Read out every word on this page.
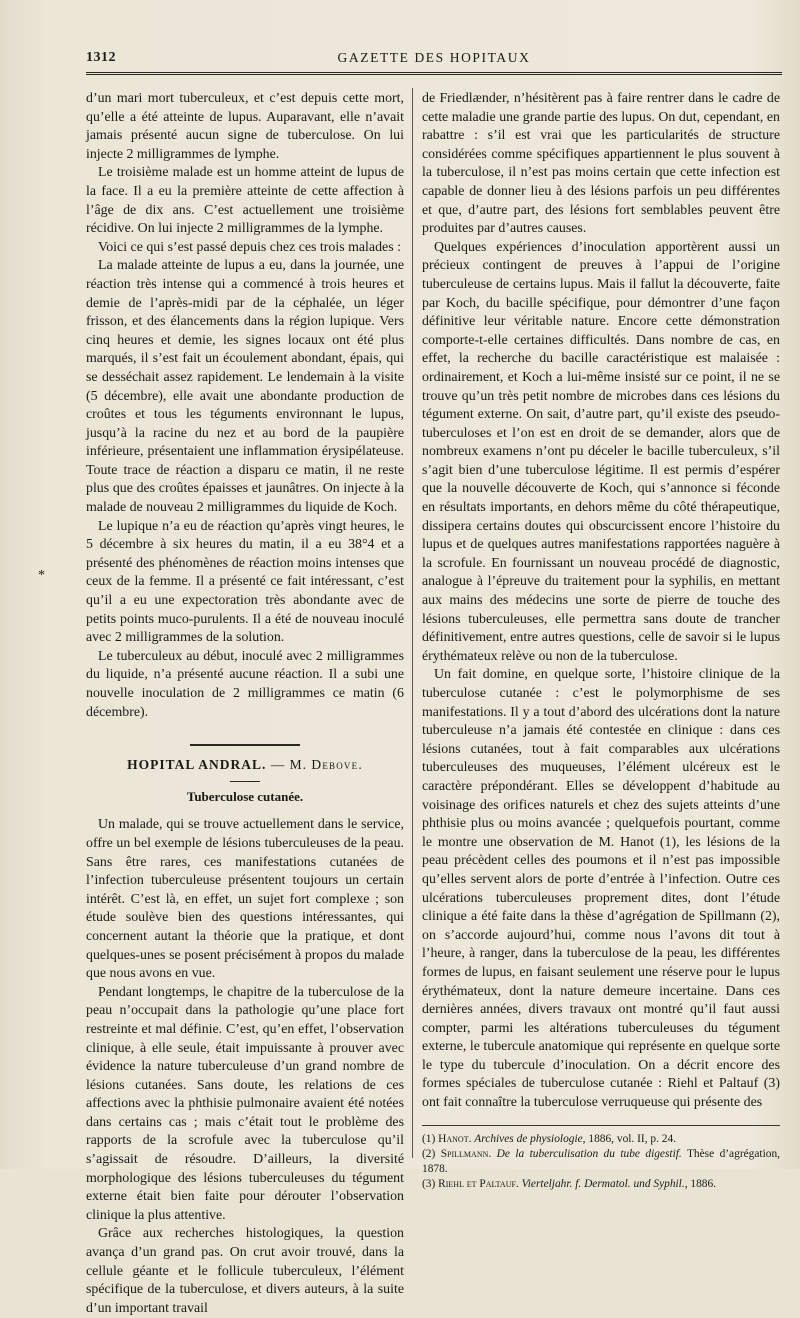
1312	GAZETTE DES HOPITAUX
*

d’un mari mort tuberculeux, et c’est depuis cette mort, qu’elle a été atteinte de lupus. Auparavant, elle n’avait jamais présenté aucun signe de tuberculose. On lui injecte 2 milligrammes de lymphe.

Le troisième malade est un homme atteint de lupus de la face. Il a eu la première atteinte de cette affection à l’âge de dix ans. C’est actuellement une troisième récidive. On lui injecte 2 milligrammes de la lymphe.

Voici ce qui s’est passé depuis chez ces trois malades :

La malade atteinte de lupus a eu, dans la journée, une réaction très intense qui a commencé à trois heures et demie de l’après-midi par de la céphalée, un léger frisson, et des élancements dans la région lupique. Vers cinq heures et demie, les signes locaux ont été plus marqués, il s’est fait un écoulement abondant, épais, qui se desséchait assez rapidement. Le lendemain à la visite (5 décembre), elle avait une abondante production de croûtes et tous les téguments environnant le lupus, jusqu’à la racine du nez et au bord de la paupière inférieure, présentaient une inflammation érysipélateuse. Toute trace de réaction a disparu ce matin, il ne reste plus que des croûtes épaisses et jaunâtres. On injecte à la malade de nouveau 2 milligrammes du liquide de Koch.

Le lupique n’a eu de réaction qu’après vingt heures, le 5 décembre à six heures du matin, il a eu 38°4 et a présenté des phénomènes de réaction moins intenses que ceux de la femme. Il a présenté ce fait intéressant, c’est qu’il a eu une expectoration très abondante avec de petits points muco-purulents. Il a été de nouveau inoculé avec 2 milligrammes de la solution.

Le tuberculeux au début, inoculé avec 2 milligrammes du liquide, n’a présenté aucune réaction. Il a subi une nouvelle inoculation de 2 milligrammes ce matin (6 décembre).

HOPITAL ANDRAL. — M. Debove.
Tuberculose cutanée.

Un malade, qui se trouve actuellement dans le service, offre un bel exemple de lésions tuberculeuses de la peau. Sans être rares, ces manifestations cutanées de l’infection tuberculeuse présentent toujours un certain intérêt. C’est là, en effet, un sujet fort complexe ; son étude soulève bien des questions intéressantes, qui concernent autant la théorie que la pratique, et dont quelques-unes se posent précisément à propos du malade que nous avons en vue.

Pendant longtemps, le chapitre de la tuberculose de la peau n’occupait dans la pathologie qu’une place fort restreinte et mal définie. C’est, qu’en effet, l’observation clinique, à elle seule, était impuissante à prouver avec évidence la nature tuberculeuse d’un grand nombre de lésions cutanées. Sans doute, les relations de ces affections avec la phthisie pulmonaire avaient été notées dans certains cas ; mais c’était tout le problème des rapports de la scrofule avec la tuberculose qu’il s’agissait de résoudre. D’ailleurs, la diversité morphologique des lésions tuberculeuses du tégument externe était bien faite pour dérouter l’observation clinique la plus attentive.

Grâce aux recherches histologiques, la question avança d’un grand pas. On crut avoir trouvé, dans la cellule géante et le follicule tuberculeux, l’élément spécifique de la tuberculose, et divers auteurs, à la suite d’un important travail

de Friedlænder, n’hésitèrent pas à faire rentrer dans le cadre de cette maladie une grande partie des lupus. On dut, cependant, en rabattre : s’il est vrai que les particularités de structure considérées comme spécifiques appartiennent le plus souvent à la tuberculose, il n’est pas moins certain que cette infection est capable de donner lieu à des lésions parfois un peu différentes et que, d’autre part, des lésions fort semblables peuvent être produites par d’autres causes.

Quelques expériences d’inoculation apportèrent aussi un précieux contingent de preuves à l’appui de l’origine tuberculeuse de certains lupus. Mais il fallut la découverte, faite par Koch, du bacille spécifique, pour démontrer d’une façon définitive leur véritable nature. Encore cette démonstration comporte-t-elle certaines difficultés. Dans nombre de cas, en effet, la recherche du bacille caractéristique est malaisée : ordinairement, et Koch a lui-même insisté sur ce point, il ne se trouve qu’un très petit nombre de microbes dans ces lésions du tégument externe. On sait, d’autre part, qu’il existe des pseudo-tuberculoses et l’on est en droit de se demander, alors que de nombreux examens n’ont pu déceler le bacille tuberculeux, s’il s’agit bien d’une tuberculose légitime. Il est permis d’espérer que la nouvelle découverte de Koch, qui s’annonce si féconde en résultats importants, en dehors même du côté thérapeutique, dissipera certains doutes qui obscurcissent encore l’histoire du lupus et de quelques autres manifestations rapportées naguère à la scrofule. En fournissant un nouveau procédé de diagnostic, analogue à l’épreuve du traitement pour la syphilis, en mettant aux mains des médecins une sorte de pierre de touche des lésions tuberculeuses, elle permettra sans doute de trancher définitivement, entre autres questions, celle de savoir si le lupus érythémateux relève ou non de la tuberculose.

Un fait domine, en quelque sorte, l’histoire clinique de la tuberculose cutanée : c’est le polymorphisme de ses manifestations. Il y a tout d’abord des ulcérations dont la nature tuberculeuse n’a jamais été contestée en clinique : dans ces lésions cutanées, tout à fait comparables aux ulcérations tuberculeuses des muqueuses, l’élément ulcéreux est le caractère prépondérant. Elles se développent d’habitude au voisinage des orifices naturels et chez des sujets atteints d’une phthisie plus ou moins avancée ; quelquefois pourtant, comme le montre une observation de M. Hanot (1), les lésions de la peau précèdent celles des poumons et il n’est pas impossible qu’elles servent alors de porte d’entrée à l’infection. Outre ces ulcérations tuberculeuses proprement dites, dont l’étude clinique a été faite dans la thèse d’agrégation de Spillmann (2), on s’accorde aujourd’hui, comme nous l’avons dit tout à l’heure, à ranger, dans la tuberculose de la peau, les différentes formes de lupus, en faisant seulement une réserve pour le lupus érythémateux, dont la nature demeure incertaine. Dans ces dernières années, divers travaux ont montré qu’il faut aussi compter, parmi les altérations tuberculeuses du tégument externe, le tubercule anatomique qui représente en quelque sorte le type du tubercule d’inoculation. On a décrit encore des formes spéciales de tuberculose cutanée : Riehl et Paltauf (3) ont fait connaître la tuberculose verruqueuse qui présente des

(1) Hanot. Archives de physiologie, 1886, vol. II, p. 24.
(2) Spillmann. De la tuberculisation du tube digestif. Thèse d’agrégation, 1878.
(3) Riehl et Paltauf. Vierteljahr. f. Dermatol. und Syphil., 1886.
